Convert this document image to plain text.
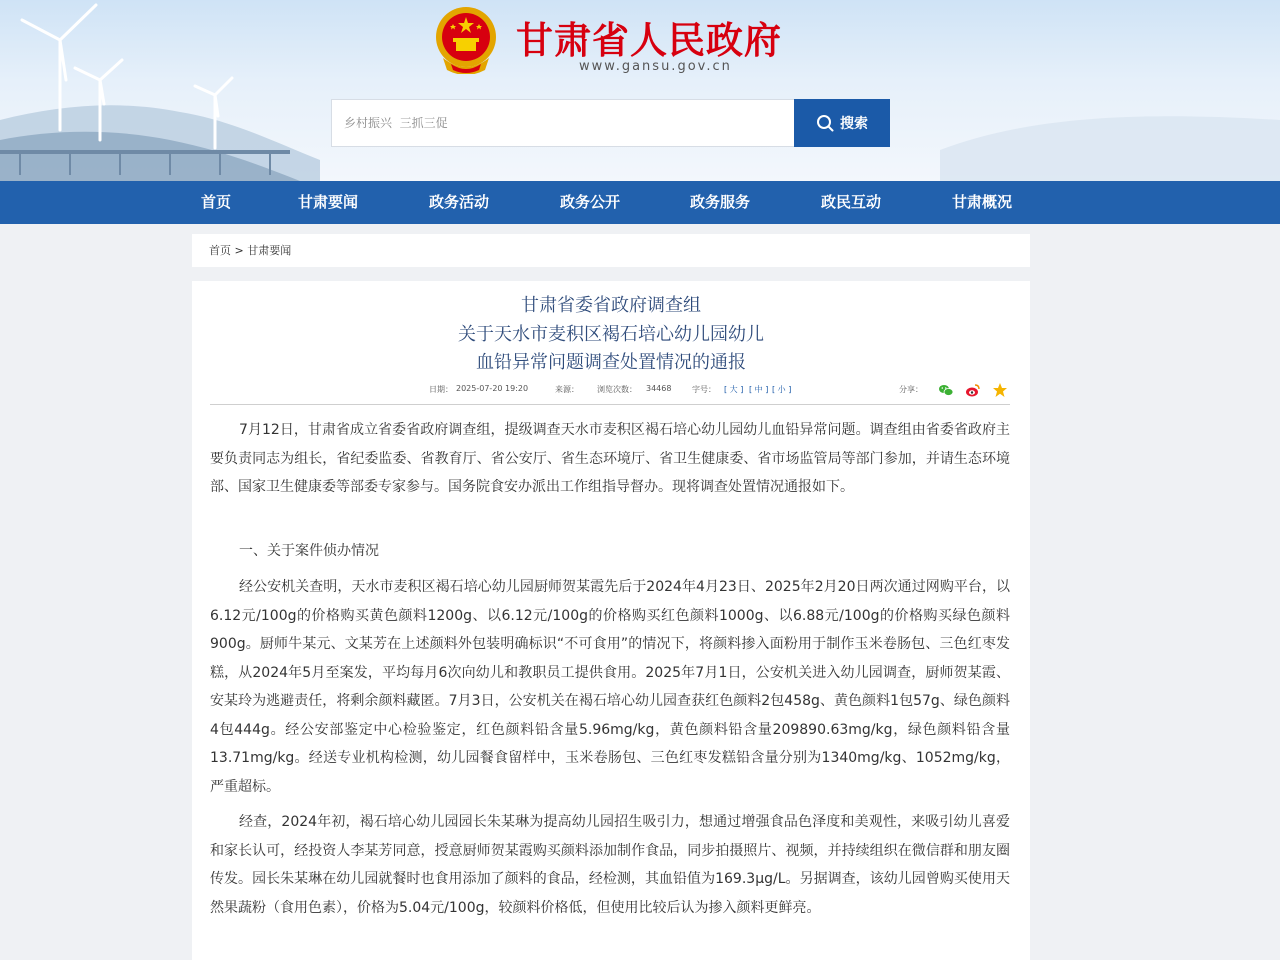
甘肃省人民政府
www.gansu.gov.cn
乡村振兴 三抓三促
搜索
首页	甘肃要闻	政务活动	政务公开	政务服务	政民互动	甘肃概况
首页 > 甘肃要闻
甘肃省委省政府调查组
关于天水市麦积区褐石培心幼儿园幼儿
血铅异常问题调查处置情况的通报
日期： 2025-07-20 19:20	来源： 浏览次数： 34468	字号： [ 大 ] [ 中 ] [ 小 ]	分享：

7月12日，甘肃省成立省委省政府调查组，提级调查天水市麦积区褐石培心幼儿园幼儿血铅异常问题。调查组由省委省政府主要负责同志为组长，省纪委监委、省教育厅、省公安厅、省生态环境厅、省卫生健康委、省市场监管局等部门参加，并请生态环境部、国家卫生健康委等部委专家参与。国务院食安办派出工作组指导督办。现将调查处置情况通报如下。

一、关于案件侦办情况

经公安机关查明，天水市麦积区褐石培心幼儿园厨师贺某霞先后于2024年4月23日、2025年2月20日两次通过网购平台，以6.12元/100g的价格购买黄色颜料1200g、以6.12元/100g的价格购买红色颜料1000g、以6.88元/100g的价格购买绿色颜料900g。厨师牛某元、文某芳在上述颜料外包装明确标识“不可食用”的情况下，将颜料掺入面粉用于制作玉米卷肠包、三色红枣发糕，从2024年5月至案发，平均每月6次向幼儿和教职员工提供食用。2025年7月1日，公安机关进入幼儿园调查，厨师贺某霞、安某玲为逃避责任，将剩余颜料藏匿。7月3日，公安机关在褐石培心幼儿园查获红色颜料2包458g、黄色颜料1包57g、绿色颜料4包444g。经公安部鉴定中心检验鉴定，红色颜料铅含量5.96mg/kg，黄色颜料铅含量209890.63mg/kg，绿色颜料铅含量13.71mg/kg。经送专业机构检测，幼儿园餐食留样中，玉米卷肠包、三色红枣发糕铅含量分别为1340mg/kg、1052mg/kg，严重超标。

经查，2024年初，褐石培心幼儿园园长朱某琳为提高幼儿园招生吸引力，想通过增强食品色泽度和美观性，来吸引幼儿喜爱和家长认可，经投资人李某芳同意，授意厨师贺某霞购买颜料添加制作食品，同步拍摄照片、视频，并持续组织在微信群和朋友圈传发。园长朱某琳在幼儿园就餐时也食用添加了颜料的食品，经检测，其血铅值为169.3μg/L。另据调查，该幼儿园曾购买使用天然果蔬粉（食用色素），价格为5.04元/100g，较颜料价格低，但使用比较后认为掺入颜料更鲜亮。
